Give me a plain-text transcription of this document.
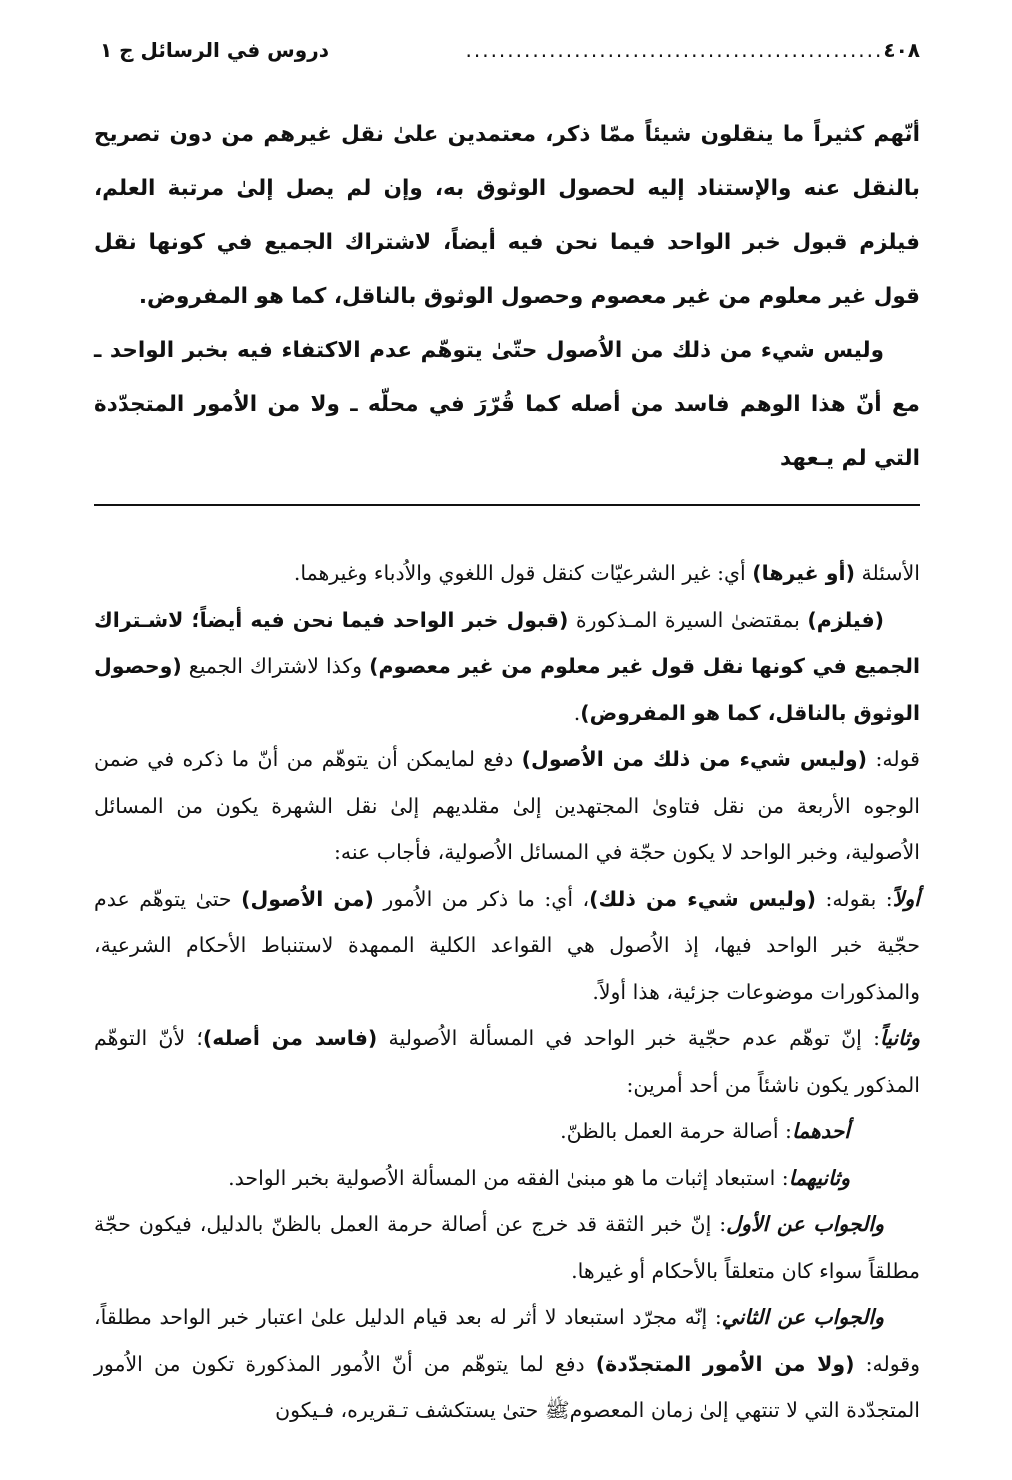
٤٠٨
..................................................
دروس في الرسائل ج ١

أنّهم كثيراً ما ينقلون شيئاً ممّا ذكر، معتمدين علىٰ نقل غيرهم من دون تصريح بالنقل عنه والإستناد إليه لحصول الوثوق به، وإن لم يصل إلىٰ مرتبة العلم، فيلزم قبول خبر الواحد فيما نحن فيه أيضاً، لاشتراك الجميع في كونها نقل قول غير معلوم من غير معصوم وحصول الوثوق بالناقل، كما هو المفروض.

وليس شيء من ذلك من الاُصول حتّىٰ يتوهّم عدم الاكتفاء فيه بخبر الواحد ـ مع أنّ هذا الوهم فاسد من أصله كما قُرّرَ في محلّه ـ ولا من الاُمور المتجدّدة التي لم يـعهد

الأسئلة (أو غيرها) أي: غير الشرعيّات كنقل قول اللغوي والاُدباء وغيرهما.

(فيلزم) بمقتضىٰ السيرة المـذكورة (قبول خبر الواحد فيما نحن فيه أيضاً؛ لاشـتراك الجميع في كونها نقل قول غير معلوم من غير معصوم) وكذا لاشتراك الجميع (وحصول الوثوق بالناقل، كما هو المفروض).

قوله: (وليس شيء من ذلك من الاُصول) دفع لمايمكن أن يتوهّم من أنّ ما ذكره في ضمن الوجوه الأربعة من نقل فتاوىٰ المجتهدين إلىٰ مقلديهم إلىٰ نقل الشهرة يكون من المسائل الاُصولية، وخبر الواحد لا يكون حجّة في المسائل الاُصولية، فأجاب عنه:

أولاً: بقوله: (وليس شيء من ذلك)، أي: ما ذكر من الاُمور (من الاُصول) حتىٰ يتوهّم عدم حجّية خبر الواحد فيها، إذ الاُصول هي القواعد الكلية الممهدة لاستنباط الأحكام الشرعية، والمذكورات موضوعات جزئية، هذا أولاً.

وثانياً: إنّ توهّم عدم حجّية خبر الواحد في المسألة الاُصولية (فاسد من أصله)؛ لأنّ التوهّم المذكور يكون ناشئاً من أحد أمرين:

أحدهما: أصالة حرمة العمل بالظنّ.

وثانيهما: استبعاد إثبات ما هو مبنىٰ الفقه من المسألة الاُصولية بخبر الواحد.

والجواب عن الأول: إنّ خبر الثقة قد خرج عن أصالة حرمة العمل بالظنّ بالدليل، فيكون حجّة مطلقاً سواء كان متعلقاً بالأحكام أو غيرها.

والجواب عن الثاني: إنّه مجرّد استبعاد لا أثر له بعد قيام الدليل علىٰ اعتبار خبر الواحد مطلقاً، وقوله: (ولا من الاُمور المتجدّدة) دفع لما يتوهّم من أنّ الاُمور المذكورة تكون من الاُمور المتجدّدة التي لا تنتهي إلىٰ زمان المعصومﷺ حتىٰ يستكشف تـقريره، فـيكون
